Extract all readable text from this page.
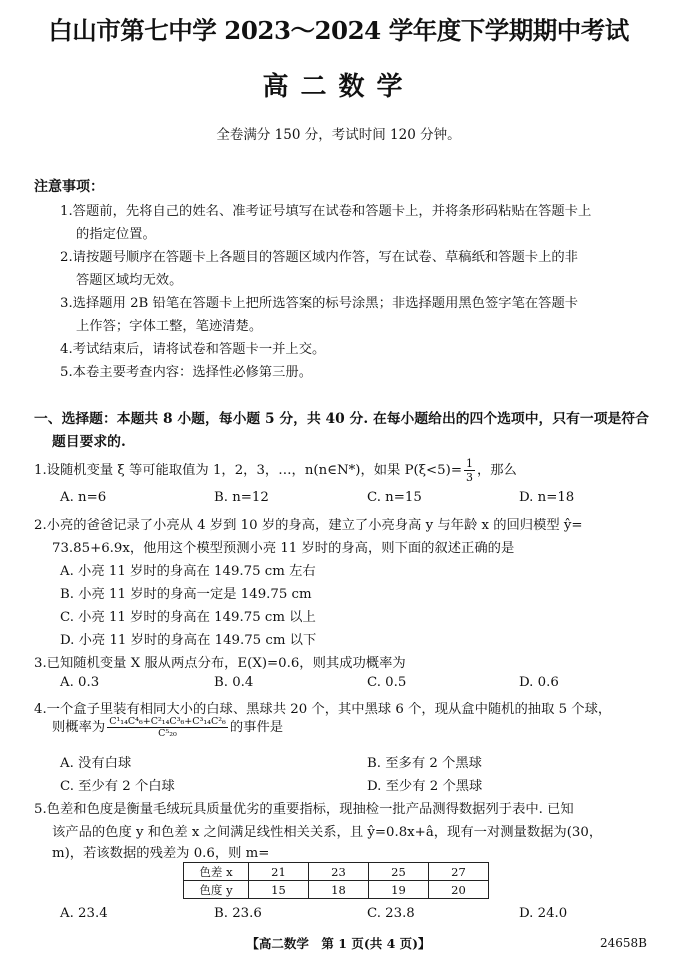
白山市第七中学 2023～2024 学年度下学期期中考试
高二数学
全卷满分 150 分，考试时间 120 分钟。
注意事项：
1.答题前，先将自己的姓名、准考证号填写在试卷和答题卡上，并将条形码粘贴在答题卡上
的指定位置。
2.请按题号顺序在答题卡上各题目的答题区域内作答，写在试卷、草稿纸和答题卡上的非
答题区域均无效。
3.选择题用 2B 铅笔在答题卡上把所选答案的标号涂黑；非选择题用黑色签字笔在答题卡
上作答；字体工整，笔迹清楚。
4.考试结束后，请将试卷和答题卡一并上交。
5.本卷主要考查内容：选择性必修第三册。
一、选择题：本题共 8 小题，每小题 5 分，共 40 分. 在每小题给出的四个选项中，只有一项是符合
题目要求的.
1.设随机变量 ξ 等可能取值为 1，2，3，…，n(n∈N*)，如果 $P(\xi<5)= \frac{1}{3}$ ，那么
A. n=6	B. n=12	C. n=15	D. n=18
2.小亮的爸爸记录了小亮从 4 岁到 10 岁的身高，建立了小亮身高 y 与年龄 x 的回归模型 ŷ=
73.85+6.9x，他用这个模型预测小亮 11 岁时的身高，则下面的叙述正确的是
A. 小亮 11 岁时的身高在 149.75 cm 左右
B. 小亮 11 岁时的身高一定是 149.75 cm
C. 小亮 11 岁时的身高在 149.75 cm 以上
D. 小亮 11 岁时的身高在 149.75 cm 以下
3.已知随机变量 X 服从两点分布，E(X)=0.6，则其成功概率为
A. 0.3	B. 0.4	C. 0.5	D. 0.6
4.一个盒子里装有相同大小的白球、黑球共 20 个，其中黑球 6 个，现从盒中随机的抽取 5 个球，
则概率为 $\frac{\text{C¹₁₄C⁴₆+C²₁₄C³₆+C³₁₄C²₆}}{\text{C⁵₂₀}}$ 的事件是
A. 没有白球	B. 至多有 2 个黑球
C. 至少有 2 个白球	D. 至少有 2 个黑球
5.色差和色度是衡量毛绒玩具质量优劣的重要指标，现抽检一批产品测得数据列于表中. 已知
该产品的色度 y 和色差 x 之间满足线性相关关系，且 ŷ=0.8x+â，现有一对测量数据为(30，
m)，若该数据的残差为 0.6，则 m=
色差 x	21	23	25	27
色度 y	15	18	19	20
A. 23.4	B. 23.6	C. 23.8	D. 24.0
【高二数学　第 1 页(共 4 页)】	24658B
